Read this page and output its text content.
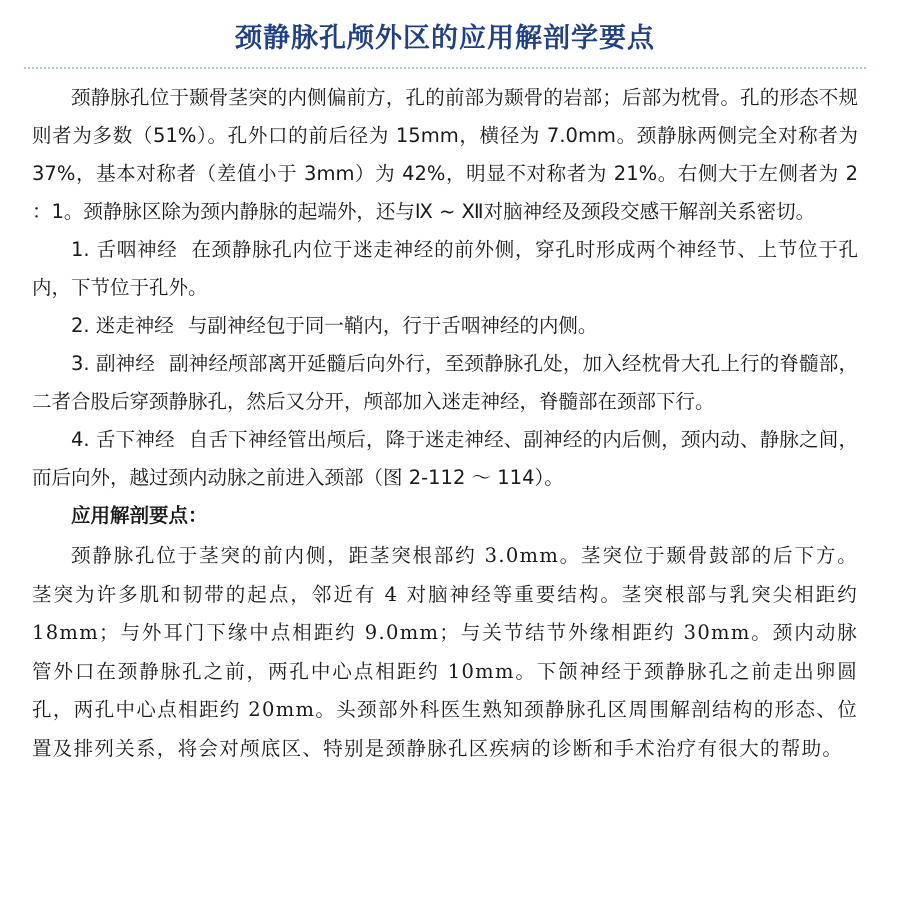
颈静脉孔颅外区的应用解剖学要点

颈静脉孔位于颞骨茎突的内侧偏前方，孔的前部为颞骨的岩部；后部为枕骨。孔的形态不规则者为多数（51%）。孔外口的前后径为 15mm，横径为 7.0mm。颈静脉两侧完全对称者为 37%，基本对称者（差值小于 3mm）为 42%，明显不对称者为 21%。右侧大于左侧者为 2 ：1。颈静脉区除为颈内静脉的起端外，还与Ⅸ ~ Ⅻ对脑神经及颈段交感干解剖关系密切。

1. 舌咽神经 在颈静脉孔内位于迷走神经的前外侧，穿孔时形成两个神经节、上节位于孔内，下节位于孔外。

2. 迷走神经 与副神经包于同一鞘内，行于舌咽神经的内侧。

3. 副神经 副神经颅部离开延髓后向外行，至颈静脉孔处，加入经枕骨大孔上行的脊髓部，二者合股后穿颈静脉孔，然后又分开，颅部加入迷走神经，脊髓部在颈部下行。

4. 舌下神经 自舌下神经管出颅后，降于迷走神经、副神经的内后侧，颈内动、静脉之间，而后向外，越过颈内动脉之前进入颈部（图 2-112 ～ 114）。

应用解剖要点：

颈静脉孔位于茎突的前内侧，距茎突根部约 3.0mm。茎突位于颞骨鼓部的后下方。茎突为许多肌和韧带的起点，邻近有 4 对脑神经等重要结构。茎突根部与乳突尖相距约 18mm；与外耳门下缘中点相距约 9.0mm；与关节结节外缘相距约 30mm。颈内动脉管外口在颈静脉孔之前，两孔中心点相距约 10mm。下颌神经于颈静脉孔之前走出卵圆孔，两孔中心点相距约 20mm。头颈部外科医生熟知颈静脉孔区周围解剖结构的形态、位置及排列关系，将会对颅底区、特别是颈静脉孔区疾病的诊断和手术治疗有很大的帮助。
